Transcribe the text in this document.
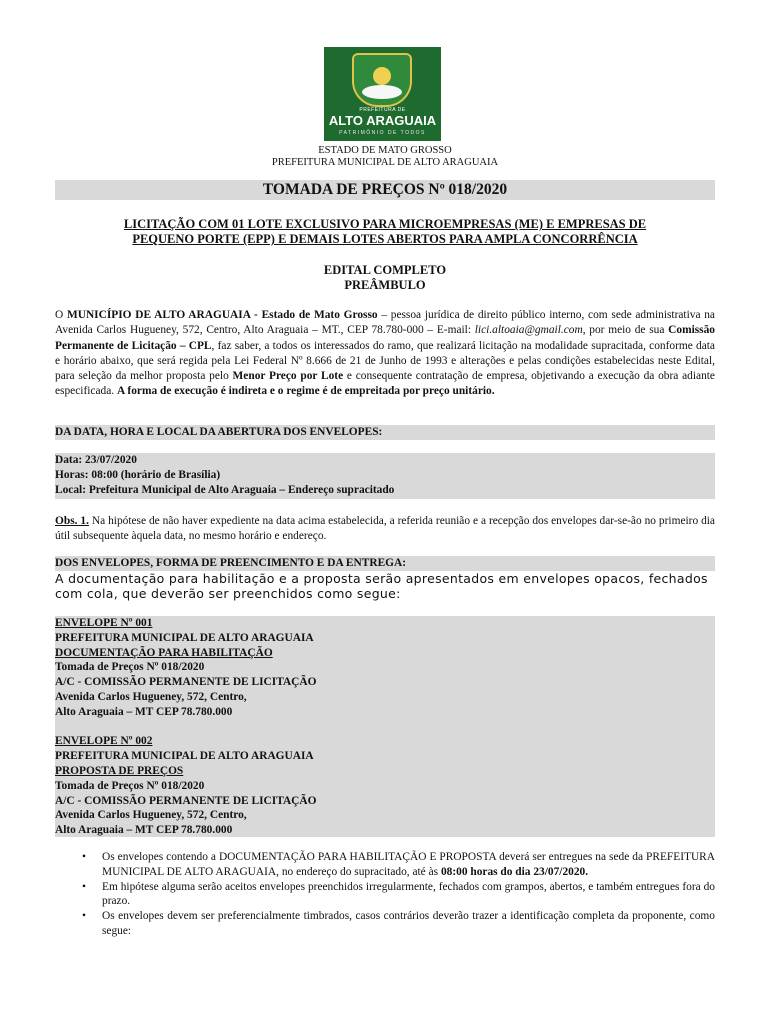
PREFEITURA DE
ALTO ARAGUAIA
PATRIMÔNIO DE TODOS
ESTADO DE MATO GROSSO
PREFEITURA MUNICIPAL DE ALTO ARAGUAIA
TOMADA DE PREÇOS Nº 018/2020
LICITAÇÃO COM 01 LOTE EXCLUSIVO PARA MICROEMPRESAS (ME) E EMPRESAS DE
PEQUENO PORTE (EPP) E DEMAIS LOTES ABERTOS PARA AMPLA CONCORRÊNCIA
EDITAL COMPLETO
PREÂMBULO
O MUNICÍPIO DE ALTO ARAGUAIA - Estado de Mato Grosso – pessoa jurídica de direito público interno, com sede administrativa na Avenida Carlos Hugueney, 572, Centro, Alto Araguaia – MT., CEP 78.780-000 – E-mail: lici.altoaia@gmail.com, por meio de sua Comissão Permanente de Licitação – CPL, faz saber, a todos os interessados do ramo, que realizará licitação na modalidade supracitada, conforme data e horário abaixo, que será regida pela Lei Federal Nº 8.666 de 21 de Junho de 1993 e alterações e pelas condições estabelecidas neste Edital, para seleção da melhor proposta pelo Menor Preço por Lote e consequente contratação de empresa, objetivando a execução da obra adiante especificada. A forma de execução é indireta e o regime é de empreitada por preço unitário.
DA DATA, HORA E LOCAL DA ABERTURA DOS ENVELOPES:
Data: 23/07/2020
Horas: 08:00 (horário de Brasília)
Local: Prefeitura Municipal de Alto Araguaia – Endereço supracitado
Obs. 1. Na hipótese de não haver expediente na data acima estabelecida, a referida reunião e a recepção dos envelopes dar-se-ão no primeiro dia útil subsequente àquela data, no mesmo horário e endereço.
DOS ENVELOPES, FORMA DE PREENCIMENTO E DA ENTREGA:
A documentação para habilitação e a proposta serão apresentados em envelopes opacos, fechados com cola, que deverão ser preenchidos como segue:
ENVELOPE Nº 001
PREFEITURA MUNICIPAL DE ALTO ARAGUAIA
DOCUMENTAÇÃO PARA HABILITAÇÃO
Tomada de Preços Nº 018/2020
A/C - COMISSÃO PERMANENTE DE LICITAÇÃO
Avenida Carlos Hugueney, 572, Centro,
Alto Araguaia – MT CEP 78.780.000
ENVELOPE Nº 002
PREFEITURA MUNICIPAL DE ALTO ARAGUAIA
PROPOSTA DE PREÇOS
Tomada de Preços Nº 018/2020
A/C - COMISSÃO PERMANENTE DE LICITAÇÃO
Avenida Carlos Hugueney, 572, Centro,
Alto Araguaia – MT CEP 78.780.000
• Os envelopes contendo a DOCUMENTAÇÃO PARA HABILITAÇÃO E PROPOSTA deverá ser entregues na sede da PREFEITURA MUNICIPAL DE ALTO ARAGUAIA, no endereço do supracitado, até às 08:00 horas do dia 23/07/2020.
• Em hipótese alguma serão aceitos envelopes preenchidos irregularmente, fechados com grampos, abertos, e também entregues fora do prazo.
• Os envelopes devem ser preferencialmente timbrados, casos contrários deverão trazer a identificação completa da proponente, como segue:
